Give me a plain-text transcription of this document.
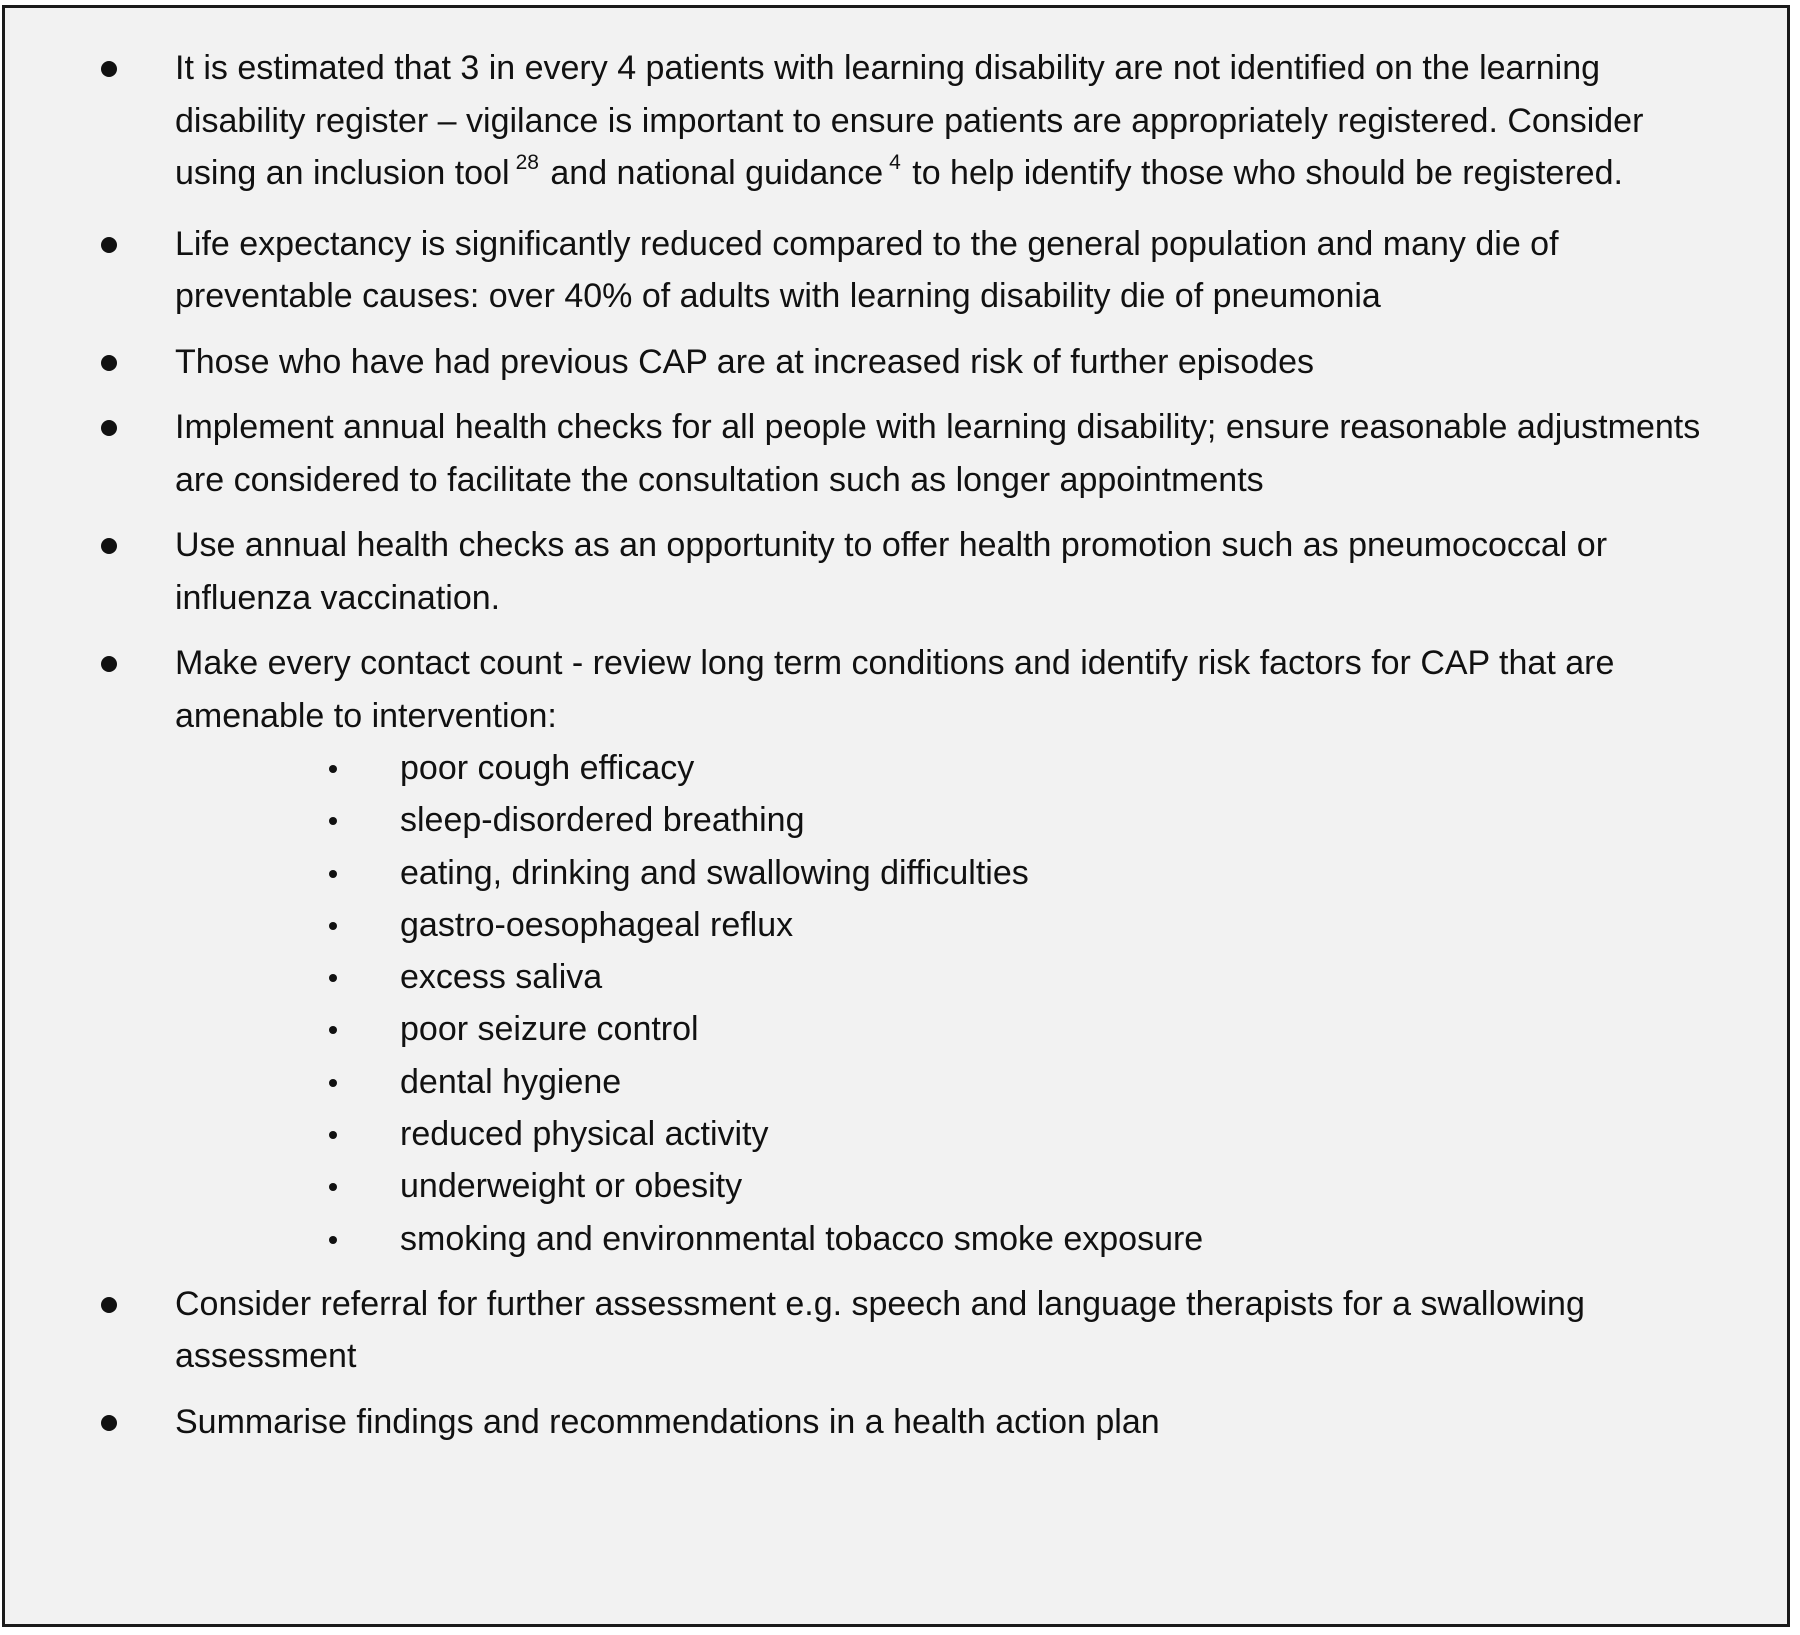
It is estimated that 3 in every 4 patients with learning disability are not identified on the learning disability register – vigilance is important to ensure patients are appropriately registered. Consider using an inclusion tool $^{28}$ and national guidance $^4$ to help identify those who should be registered.
Life expectancy is significantly reduced compared to the general population and many die of preventable causes: over 40% of adults with learning disability die of pneumonia
Those who have had previous CAP are at increased risk of further episodes
Implement annual health checks for all people with learning disability; ensure reasonable adjustments are considered to facilitate the consultation such as longer appointments
Use annual health checks as an opportunity to offer health promotion such as pneumococcal or influenza vaccination.
Make every contact count - review long term conditions and identify risk factors for CAP that are amenable to intervention:
poor cough efficacy
sleep-disordered breathing
eating, drinking and swallowing difficulties
gastro-oesophageal reflux
excess saliva
poor seizure control
dental hygiene
reduced physical activity
underweight or obesity
smoking and environmental tobacco smoke exposure
Consider referral for further assessment e.g. speech and language therapists for a swallowing assessment
Summarise findings and recommendations in a health action plan
